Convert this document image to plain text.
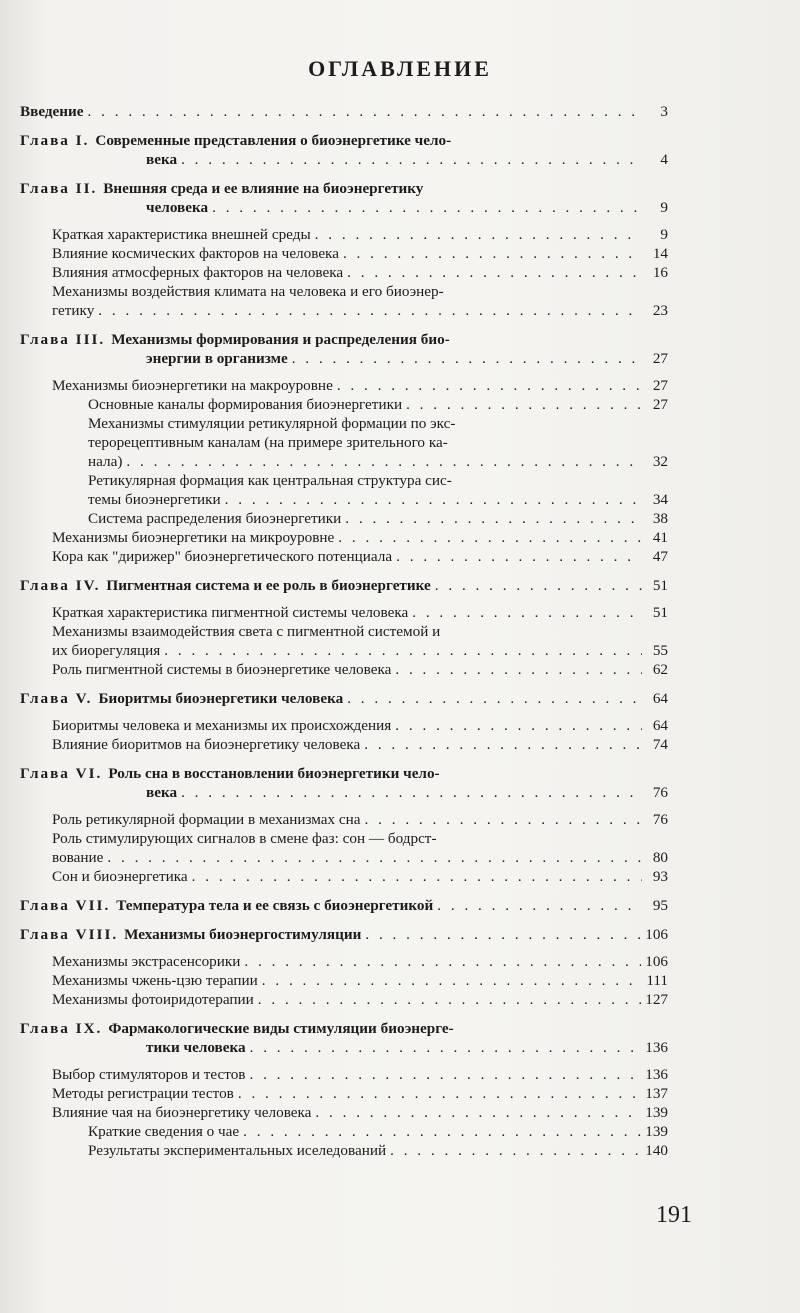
ОГЛАВЛЕНИЕ
Введение . . .	3
Глава I. Современные представления о биоэнергетике чело-
века . . .	4
Глава II. Внешняя среда и ее влияние на биоэнергетику
человека . . .	9
Краткая характеристика внешней среды . . .	9
Влияние космических факторов на человека . . .	14
Влияния атмосферных факторов на человека . . .	16
Механизмы воздействия климата на человека и его биоэнер-
гетику . . .	23
Глава III. Механизмы формирования и распределения био-
энергии в организме . . .	27
Механизмы биоэнергетики на макроуровне . . .	27
Основные каналы формирования биоэнергетики . . .	27
Механизмы стимуляции ретикулярной формации по экс-
терорецептивным каналам (на примере зрительного ка-
нала) . . .	32
Ретикулярная формация как центральная структура сис-
темы биоэнергетики . . .	34
Система распределения биоэнергетики . . .	38
Механизмы биоэнергетики на микроуровне . . .	41
Кора как "дирижер" биоэнергетического потенциала . . .	47
Глава IV. Пигментная система и ее роль в биоэнергетике . . .	51
Краткая характеристика пигментной системы человека . . .	51
Механизмы взаимодействия света с пигментной системой и
их биорегуляция . . .	55
Роль пигментной системы в биоэнергетике человека . . .	62
Глава V. Биоритмы биоэнергетики человека . . .	64
Биоритмы человека и механизмы их происхождения . . .	64
Влияние биоритмов на биоэнергетику человека . . .	74
Глава VI. Роль сна в восстановлении биоэнергетики чело-
века . . .	76
Роль ретикулярной формации в механизмах сна . . .	76
Роль стимулирующих сигналов в смене фаз: сон — бодрст-
вование . . .	80
Сон и биоэнергетика . . .	93
Глава VII. Температура тела и ее связь с биоэнергетикой . . .	95
Глава VIII. Механизмы биоэнергостимуляции . . .	106
Механизмы экстрасенсорики . . .	106
Механизмы чжень-цзю терапии . . .	111
Механизмы фотоиридотерапии . . .	127
Глава IX. Фармакологические виды стимуляции биоэнерге-
тики человека . . .	136
Выбор стимуляторов и тестов . . .	136
Методы регистрации тестов . . .	137
Влияние чая на биоэнергетику человека . . .	139
Краткие сведения о чае . . .	139
Результаты экспериментальных иселедований . . .	140
191
